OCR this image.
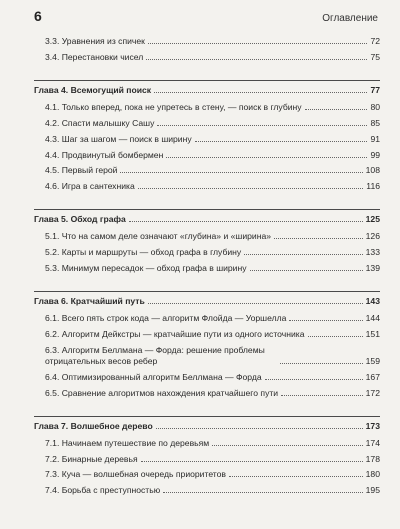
6	Оглавление
3.3. Уравнения из спичек	72
3.4. Перестановки чисел	75
Глава 4. Всемогущий поиск	77
4.1. Только вперед, пока не упретесь в стену, — поиск в глубину	80
4.2. Спасти малышку Сашу	85
4.3. Шаг за шагом — поиск в ширину	91
4.4. Продвинутый бомбермен	99
4.5. Первый герой	108
4.6. Игра в сантехника	116
Глава 5. Обход графа	125
5.1. Что на самом деле означают «глубина» и «ширина»	126
5.2. Карты и маршруты — обход графа в глубину	133
5.3. Минимум пересадок — обход графа в ширину	139
Глава 6. Кратчайший путь	143
6.1. Всего пять строк кода — алгоритм Флойда — Уоршелла	144
6.2. Алгоритм Дейкстры — кратчайшие пути из одного источника	151
6.3. Алгоритм Беллмана — Форда: решение проблемы отрицательных весов ребер	159
6.4. Оптимизированный алгоритм Беллмана — Форда	167
6.5. Сравнение алгоритмов нахождения кратчайшего пути	172
Глава 7. Волшебное дерево	173
7.1. Начинаем путешествие по деревьям	174
7.2. Бинарные деревья	178
7.3. Куча — волшебная очередь приоритетов	180
7.4. Борьба с преступностью	195
